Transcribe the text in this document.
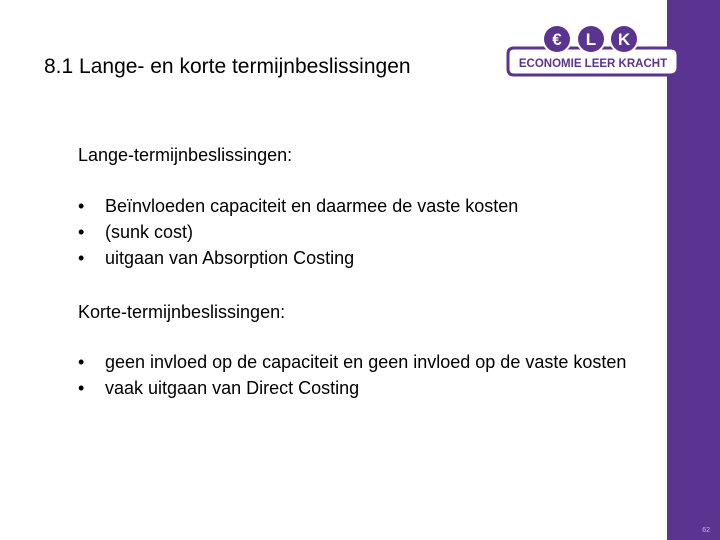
62
8.1 Lange- en korte termijnbeslissingen
€ L K
ECONOMIE LEER KRACHT
Lange-termijnbeslissingen:
• Beïnvloeden capaciteit en daarmee de vaste kosten
• (sunk cost)
• uitgaan van Absorption Costing
Korte-termijnbeslissingen:
• geen invloed op de capaciteit en geen invloed op de vaste kosten
• vaak uitgaan van Direct Costing
